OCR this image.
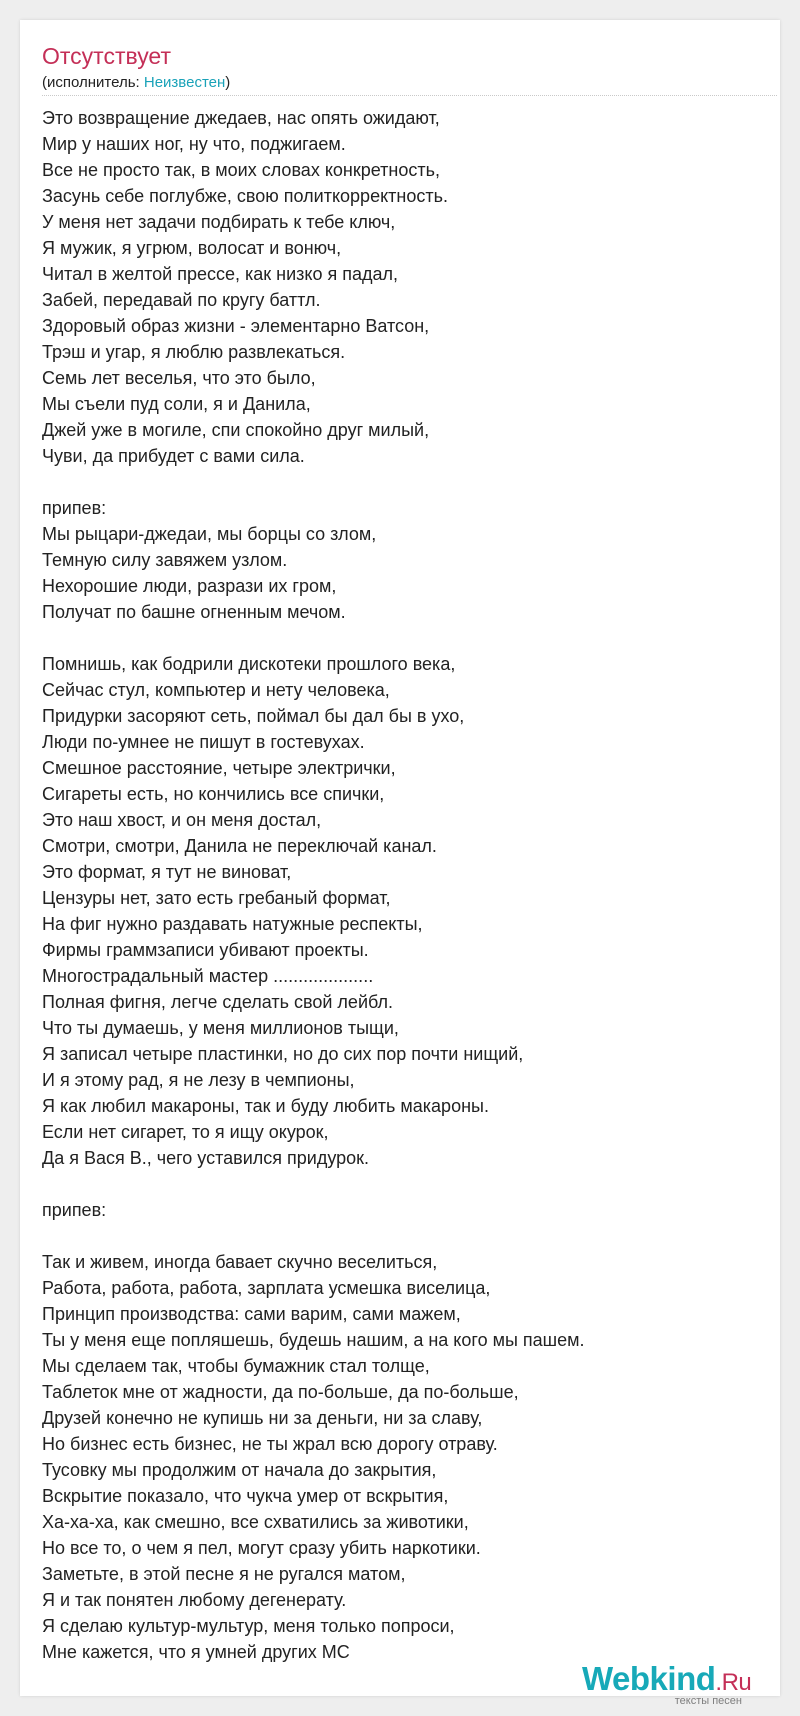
Отсутствует
(исполнитель: Неизвестен)
Это возвращение джедаев, нас опять ожидают,
Мир у наших ног, ну что, поджигаем.
Все не просто так, в моих словах конкретность,
Засунь себе поглубже, свою политкорректность.
У меня нет задачи подбирать к тебе ключ,
Я мужик, я угрюм, волосат и вонюч,
Читал в желтой прессе, как низко я падал,
Забей, передавай по кругу баттл.
Здоровый образ жизни - элементарно Ватсон,
Трэш и угар, я люблю развлекаться.
Семь лет веселья, что это было,
Мы съели пуд соли, я и Данила,
Джей уже в могиле, спи спокойно друг милый,
Чуви, да прибудет с вами сила.
припев:
Мы рыцари-джедаи, мы борцы со злом,
Темную силу завяжем узлом.
Нехорошие люди, разрази их гром,
Получат по башне огненным мечом.
Помнишь, как бодрили дискотеки прошлого века,
Сейчас стул, компьютер и нету человека,
Придурки засоряют сеть, поймал бы дал бы в ухо,
Люди по-умнее не пишут в гостевухах.
Смешное расстояние, четыре электрички,
Сигареты есть, но кончились все спички,
Это наш хвост, и он меня достал,
Смотри, смотри, Данила не переключай канал.
Это формат, я тут не виноват,
Цензуры нет, зато есть гребаный формат,
На фиг нужно раздавать натужные респекты,
Фирмы граммзаписи убивают проекты.
Многострадальный мастер ....................
Полная фигня, легче сделать свой лейбл.
Что ты думаешь, у меня миллионов тыщи,
Я записал четыре пластинки, но до сих пор почти нищий,
И я этому рад, я не лезу в чемпионы,
Я как любил макароны, так и буду любить макароны.
Если нет сигарет, то я ищу окурок,
Да я Вася В., чего уставился придурок.
припев:
Так и живем, иногда бавает скучно веселиться,
Работа, работа, работа, зарплата усмешка виселица,
Принцип производства: сами варим, сами мажем,
Ты у меня еще попляшешь, будешь нашим, а на кого мы пашем.
Мы сделаем так, чтобы бумажник стал толще,
Таблеток мне от жадности, да по-больше, да по-больше,
Друзей конечно не купишь ни за деньги, ни за славу,
Но бизнес есть бизнес, не ты жрал всю дорогу отраву.
Тусовку мы продолжим от начала до закрытия,
Вскрытие показало, что чукча умер от вскрытия,
Ха-ха-ха, как смешно, все схватились за животики,
Но все то, о чем я пел, могут сразу убить наркотики.
Заметьте, в этой песне я не ругался матом,
Я и так понятен любому дегенерату.
Я сделаю культур-мультур, меня только попроси,
Мне кажется, что я умней других МС
Webkind.Ru
тексты песен
